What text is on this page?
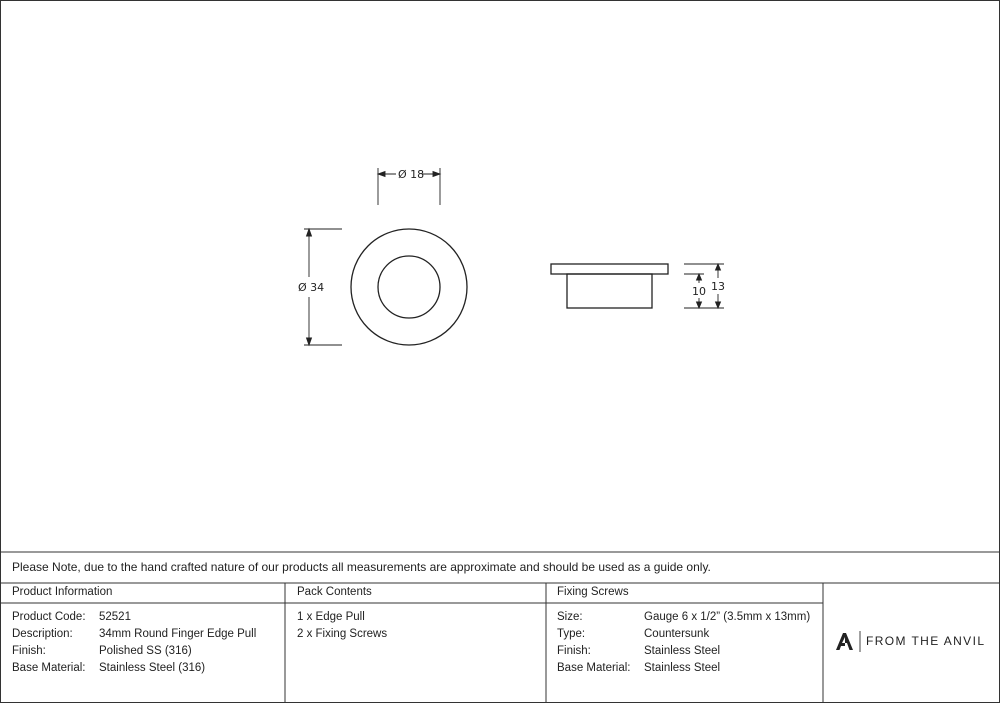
Ø 18
Ø 34	13
10
Please Note, due to the hand crafted nature of our products all measurements are approximate and should be used as a guide only.
Product Information
Product Code: 52521
Description: 34mm Round Finger Edge Pull
Finish:	Polished SS (316)
Base Material: Stainless Steel (316)
Pack Contents
1 x Edge Pull
2 x Fixing Screws
Fixing Screws
Size:	Gauge 6 x 1/2” (3.5mm x 13mm)
Type:	Countersunk
Finish:	Stainless Steel
Base Material: Stainless Steel
FROM THE ANVIL
